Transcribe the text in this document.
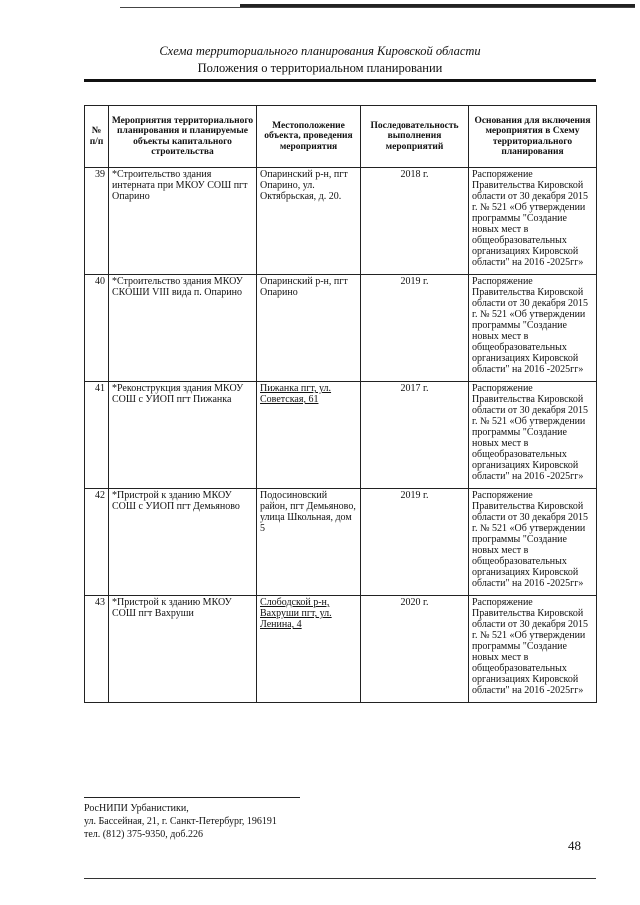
Схема территориального планирования Кировской области
Положения о территориальном планировании
№ п/п	Мероприятия территориального планирования и планируемые объекты капитального строительства	Местоположение объекта, проведения мероприятия	Последовательность выполнения мероприятий	Основания для включения мероприятия в Схему территориального планирования
39	*Строительство здания интерната при МКОУ СОШ пгт Опарино	Опаринский р-н, пгт Опарино, ул. Октябрьская, д. 20.	2018 г.	Распоряжение Правительства Кировской области от 30 декабря 2015 г. № 521 «Об утверждении программы "Создание новых мест в общеобразовательных организациях Кировской области" на 2016 -2025гг»
40	*Строительство здания МКОУ СКОШИ VIII вида п. Опарино	Опаринский р-н, пгт Опарино	2019 г.	Распоряжение Правительства Кировской области от 30 декабря 2015 г. № 521 «Об утверждении программы "Создание новых мест в общеобразовательных организациях Кировской области" на 2016 -2025гг»
41	*Реконструкция здания МКОУ СОШ с УИОП пгт Пижанка	Пижанка пгт, ул. Советская, 61	2017 г.	Распоряжение Правительства Кировской области от 30 декабря 2015 г. № 521 «Об утверждении программы "Создание новых мест в общеобразовательных организациях Кировской области" на 2016 -2025гг»
42	*Пристрой к зданию МКОУ СОШ с УИОП пгт Демьяново	Подосиновский район, пгт Демьяново, улица Школьная, дом 5	2019 г.	Распоряжение Правительства Кировской области от 30 декабря 2015 г. № 521 «Об утверждении программы "Создание новых мест в общеобразовательных организациях Кировской области" на 2016 -2025гг»
43	*Пристрой к зданию МКОУ СОШ пгт Вахруши	Слободской р-н, Вахруши пгт, ул. Ленина, 4	2020 г.	Распоряжение Правительства Кировской области от 30 декабря 2015 г. № 521 «Об утверждении программы "Создание новых мест в общеобразовательных организациях Кировской области" на 2016 -2025гг»
РосНИПИ Урбанистики,
ул. Бассейная, 21, г. Санкт-Петербург, 196191
тел. (812) 375-9350, доб.226
48
